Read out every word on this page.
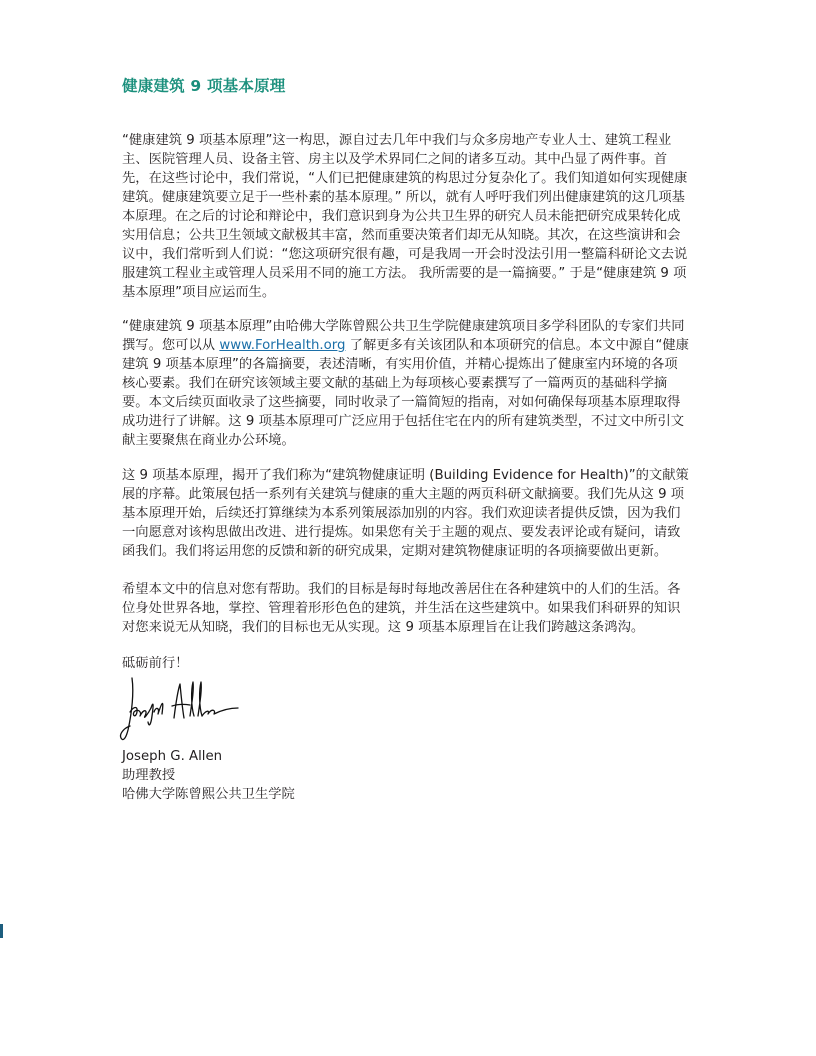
健康建筑 9 项基本原理

“健康建筑 9 项基本原理”这一构思，源自过去几年中我们与众多房地产专业人士、建筑工程业主、医院管理人员、设备主管、房主以及学术界同仁之间的诸多互动。其中凸显了两件事。首先，在这些讨论中，我们常说，“人们已把健康建筑的构思过分复杂化了。我们知道如何实现健康建筑。健康建筑要立足于一些朴素的基本原理。” 所以，就有人呼吁我们列出健康建筑的这几项基本原理。在之后的讨论和辩论中，我们意识到身为公共卫生界的研究人员未能把研究成果转化成实用信息；公共卫生领域文献极其丰富，然而重要决策者们却无从知晓。其次，在这些演讲和会议中，我们常听到人们说：“您这项研究很有趣，可是我周一开会时没法引用一整篇科研论文去说服建筑工程业主或管理人员采用不同的施工方法。 我所需要的是一篇摘要。” 于是“健康建筑 9 项基本原理”项目应运而生。

“健康建筑 9 项基本原理”由哈佛大学陈曾熙公共卫生学院健康建筑项目多学科团队的专家们共同撰写。您可以从 www.ForHealth.org 了解更多有关该团队和本项研究的信息。本文中源自“健康建筑 9 项基本原理”的各篇摘要，表述清晰，有实用价值，并精心提炼出了健康室内环境的各项核心要素。我们在研究该领域主要文献的基础上为每项核心要素撰写了一篇两页的基础科学摘要。本文后续页面收录了这些摘要，同时收录了一篇简短的指南，对如何确保每项基本原理取得成功进行了讲解。这 9 项基本原理可广泛应用于包括住宅在内的所有建筑类型，不过文中所引文献主要聚焦在商业办公环境。

这 9 项基本原理，揭开了我们称为“建筑物健康证明 (Building Evidence for Health)”的文献策展的序幕。此策展包括一系列有关建筑与健康的重大主题的两页科研文献摘要。我们先从这 9 项基本原理开始，后续还打算继续为本系列策展添加别的内容。我们欢迎读者提供反馈，因为我们一向愿意对该构思做出改进、进行提炼。如果您有关于主题的观点、要发表评论或有疑问，请致函我们。我们将运用您的反馈和新的研究成果，定期对建筑物健康证明的各项摘要做出更新。

希望本文中的信息对您有帮助。我们的目标是每时每地改善居住在各种建筑中的人们的生活。各位身处世界各地，掌控、管理着形形色色的建筑，并生活在这些建筑中。如果我们科研界的知识对您来说无从知晓，我们的目标也无从实现。这 9 项基本原理旨在让我们跨越这条鸿沟。

砥砺前行！

Joseph G. Allen
助理教授
哈佛大学陈曾熙公共卫生学院
